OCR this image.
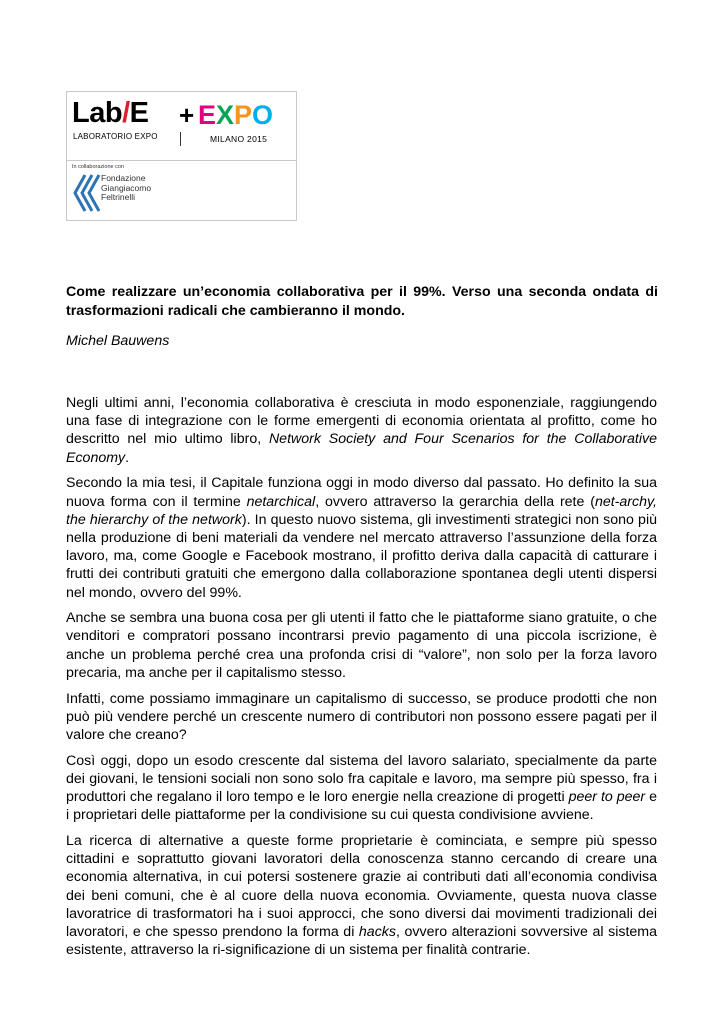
Lab/E
LABORATORIO EXPO
+ EXPO
MILANO 2015
In collaborazione con
Fondazione
Giangiacomo
Feltrinelli
Come realizzare un’economia collaborativa per il 99%. Verso una seconda ondata di trasformazioni radicali che cambieranno il mondo.
Michel Bauwens

Negli ultimi anni, l’economia collaborativa è cresciuta in modo esponenziale, raggiungendo una fase di integrazione con le forme emergenti di economia orientata al profitto, come ho descritto nel mio ultimo libro, Network Society and Four Scenarios for the Collaborative Economy.

Secondo la mia tesi, il Capitale funziona oggi in modo diverso dal passato. Ho definito la sua nuova forma con il termine netarchical, ovvero attraverso la gerarchia della rete (net-archy, the hierarchy of the network). In questo nuovo sistema, gli investimenti strategici non sono più nella produzione di beni materiali da vendere nel mercato attraverso l’assunzione della forza lavoro, ma, come Google e Facebook mostrano, il profitto deriva dalla capacità di catturare i frutti dei contributi gratuiti che emergono dalla collaborazione spontanea degli utenti dispersi nel mondo, ovvero del 99%.

Anche se sembra una buona cosa per gli utenti il fatto che le piattaforme siano gratuite, o che venditori e compratori possano incontrarsi previo pagamento di una piccola iscrizione, è anche un problema perché crea una profonda crisi di “valore”, non solo per la forza lavoro precaria, ma anche per il capitalismo stesso.

Infatti, come possiamo immaginare un capitalismo di successo, se produce prodotti che non può più vendere perché un crescente numero di contributori non possono essere pagati per il valore che creano?

Così oggi, dopo un esodo crescente dal sistema del lavoro salariato, specialmente da parte dei giovani, le tensioni sociali non sono solo fra capitale e lavoro, ma sempre più spesso, fra i produttori che regalano il loro tempo e le loro energie nella creazione di progetti peer to peer e i proprietari delle piattaforme per la condivisione su cui questa condivisione avviene.

La ricerca di alternative a queste forme proprietarie è cominciata, e sempre più spesso cittadini e soprattutto giovani lavoratori della conoscenza stanno cercando di creare una economia alternativa, in cui potersi sostenere grazie ai contributi dati all’economia condivisa dei beni comuni, che è al cuore della nuova economia. Ovviamente, questa nuova classe lavoratrice di trasformatori ha i suoi approcci, che sono diversi dai movimenti tradizionali dei lavoratori, e che spesso prendono la forma di hacks, ovvero alterazioni sovversive al sistema esistente, attraverso la ri-significazione di un sistema per finalità contrarie.
